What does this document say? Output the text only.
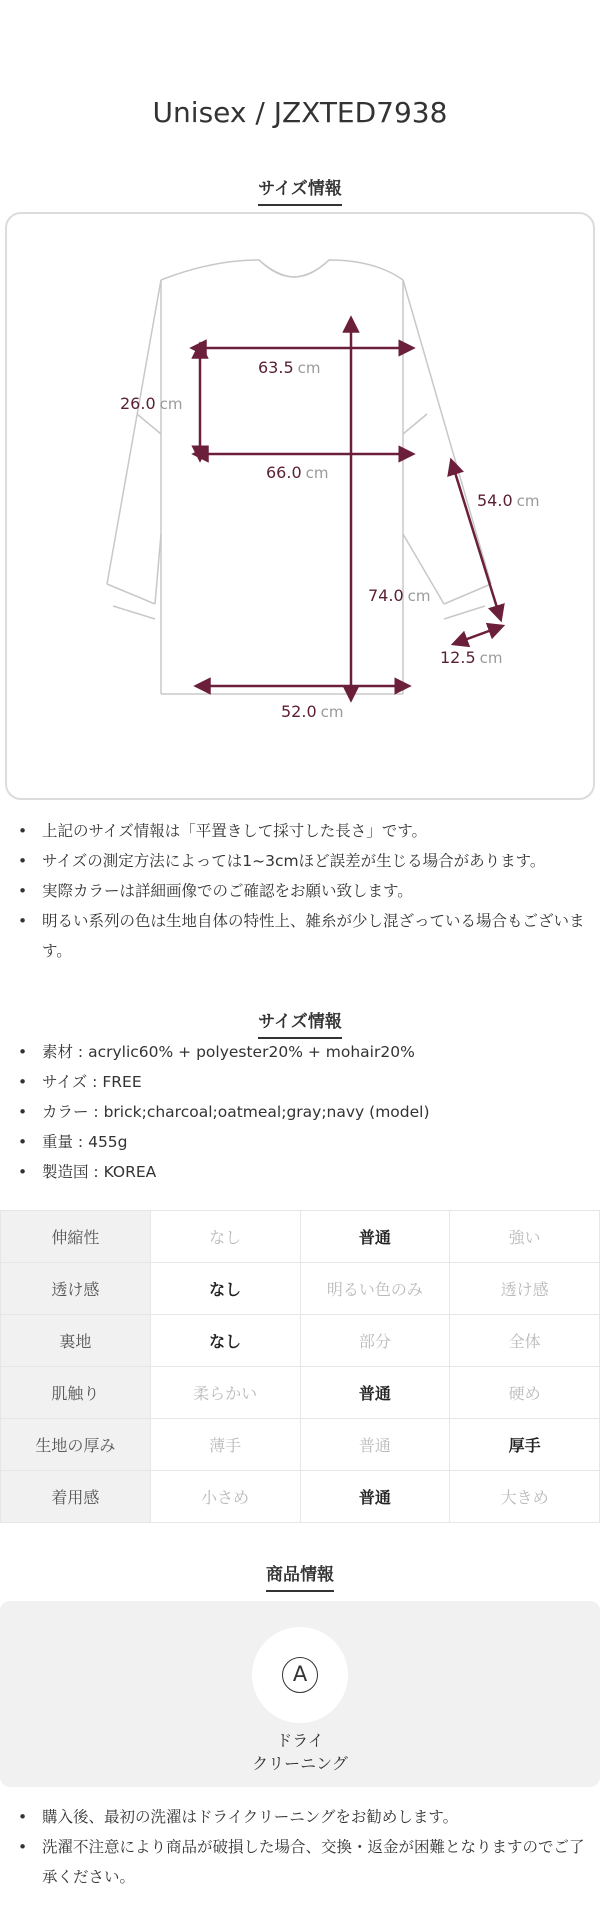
Unisex / JZXTED7938
サイズ情報
63.5 cm
26.0 cm
66.0 cm
54.0 cm
74.0 cm
12.5 cm
52.0 cm
• 上記のサイズ情報は「平置きして採寸した長さ」です。
• サイズの測定方法によっては1~3cmほど誤差が生じる場合があります。
• 実際カラーは詳細画像でのご確認をお願い致します。
• 明るい系列の色は生地自体の特性上、雑糸が少し混ざっている場合もございます。
サイズ情報
• 素材 : acrylic60% + polyester20% + mohair20%
• サイズ : FREE
• カラー : brick;charcoal;oatmeal;gray;navy (model)
• 重量 : 455g
• 製造国 : KOREA
伸縮性	なし	普通	強い
透け感	なし	明るい色のみ	透け感
裏地	なし	部分	全体
肌触り	柔らかい	普通	硬め
生地の厚み	薄手	普通	厚手
着用感	小さめ	普通	大きめ
商品情報
A
ドライ
クリーニング
• 購入後、最初の洗濯はドライクリーニングをお勧めします。
• 洗濯不注意により商品が破損した場合、交換・返金が困難となりますのでご了承ください。
